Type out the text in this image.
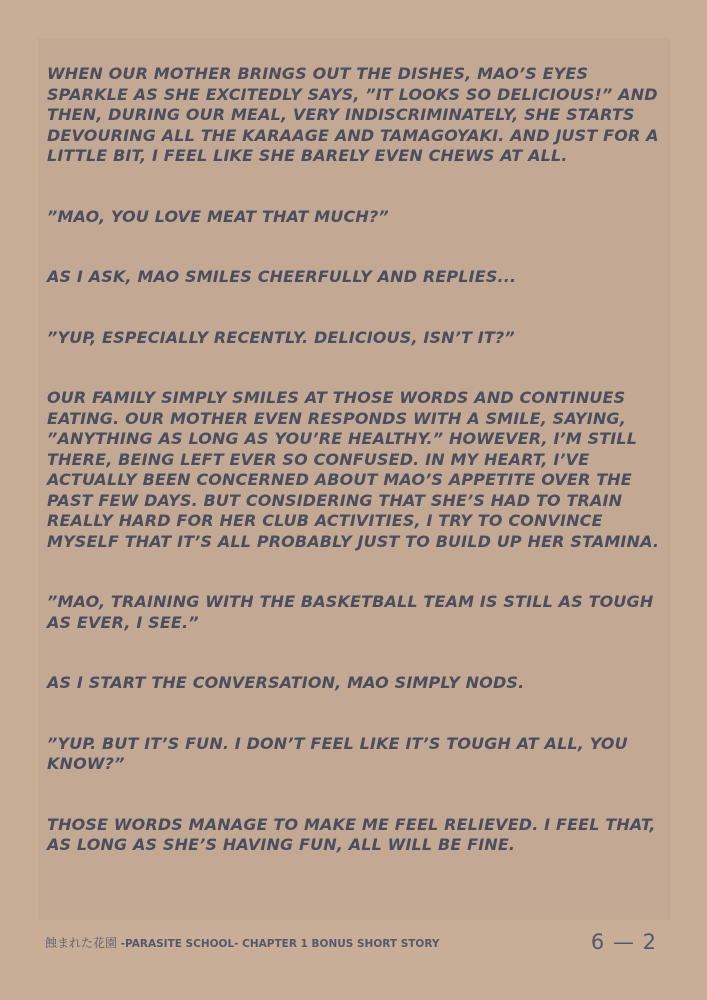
WHEN OUR MOTHER BRINGS OUT THE DISHES, MAO’S EYES SPARKLE AS SHE EXCITEDLY SAYS, ”IT LOOKS SO DELICIOUS!” AND THEN, DURING OUR MEAL, VERY INDISCRIMINATELY, SHE STARTS DEVOURING ALL THE KARAAGE AND TAMAGOYAKI. AND JUST FOR A LITTLE BIT, I FEEL LIKE SHE BARELY EVEN CHEWS AT ALL.

”MAO, YOU LOVE MEAT THAT MUCH?”

AS I ASK, MAO SMILES CHEERFULLY AND REPLIES...

”YUP, ESPECIALLY RECENTLY. DELICIOUS, ISN’T IT?”

OUR FAMILY SIMPLY SMILES AT THOSE WORDS AND CONTINUES EATING. OUR MOTHER EVEN RESPONDS WITH A SMILE, SAYING, ”ANYTHING AS LONG AS YOU’RE HEALTHY.” HOWEVER, I’M STILL THERE, BEING LEFT EVER SO CONFUSED. IN MY HEART, I’VE ACTUALLY BEEN CONCERNED ABOUT MAO’S APPETITE OVER THE PAST FEW DAYS. BUT CONSIDERING THAT SHE’S HAD TO TRAIN REALLY HARD FOR HER CLUB ACTIVITIES, I TRY TO CONVINCE MYSELF THAT IT’S ALL PROBABLY JUST TO BUILD UP HER STAMINA.

”MAO, TRAINING WITH THE BASKETBALL TEAM IS STILL AS TOUGH AS EVER, I SEE.”

AS I START THE CONVERSATION, MAO SIMPLY NODS.

”YUP. BUT IT’S FUN. I DON’T FEEL LIKE IT’S TOUGH AT ALL, YOU KNOW?”

THOSE WORDS MANAGE TO MAKE ME FEEL RELIEVED. I FEEL THAT, AS LONG AS SHE’S HAVING FUN, ALL WILL BE FINE.

蝕まれた花園 -PARASITE SCHOOL- CHAPTER 1 BONUS SHORT STORY	6 — 2
